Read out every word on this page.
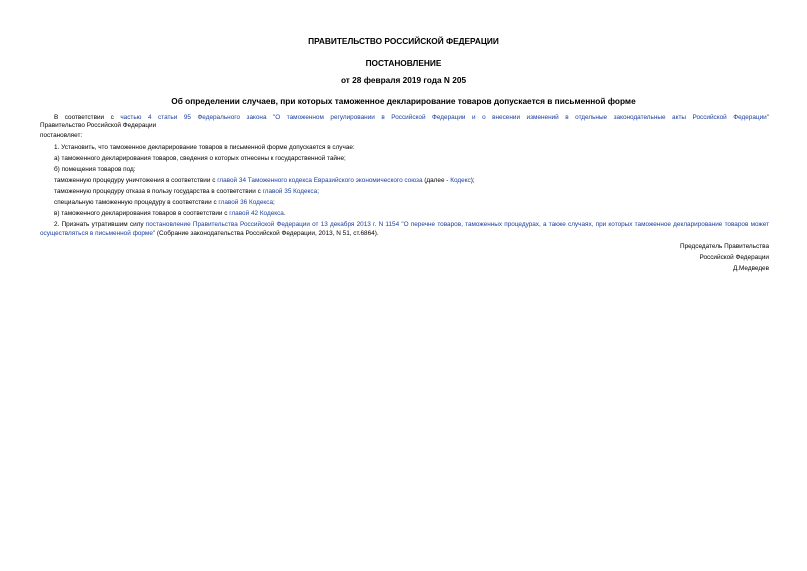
ПРАВИТЕЛЬСТВО РОССИЙСКОЙ ФЕДЕРАЦИИ
ПОСТАНОВЛЕНИЕ
от 28 февраля 2019 года N 205
Об определении случаев, при которых таможенное декларирование товаров допускается в письменной форме
В соответствии с частью 4 статьи 95 Федерального закона "О таможенном регулировании в Российской Федерации и о внесении изменений в отдельные законодательные акты Российской Федерации"
Правительство Российской Федерации
постановляет:
1. Установить, что таможенное декларирование товаров в письменной форме допускается в случае:
а) таможенного декларирования товаров, сведения о которых отнесены к государственной тайне;
б) помещения товаров под:
таможенную процедуру уничтожения в соответствии с главой 34 Таможенного кодекса Евразийского экономического союза (далее - Кодекс);
таможенную процедуру отказа в пользу государства в соответствии с главой 35 Кодекса;
специальную таможенную процедуру в соответствии с главой 36 Кодекса;
в) таможенного декларирования товаров в соответствии с главой 42 Кодекса.
2. Признать утратившим силу постановление Правительства Российской Федерации от 13 декабря 2013 г. N 1154 "О перечне товаров, таможенных процедурах, а также случаях, при которых таможенное декларирование товаров может осуществляться в письменной форме" (Собрание законодательства Российской Федерации, 2013, N 51, ст.6864).
Председатель Правительства
Российской Федерации
Д.Медведев
